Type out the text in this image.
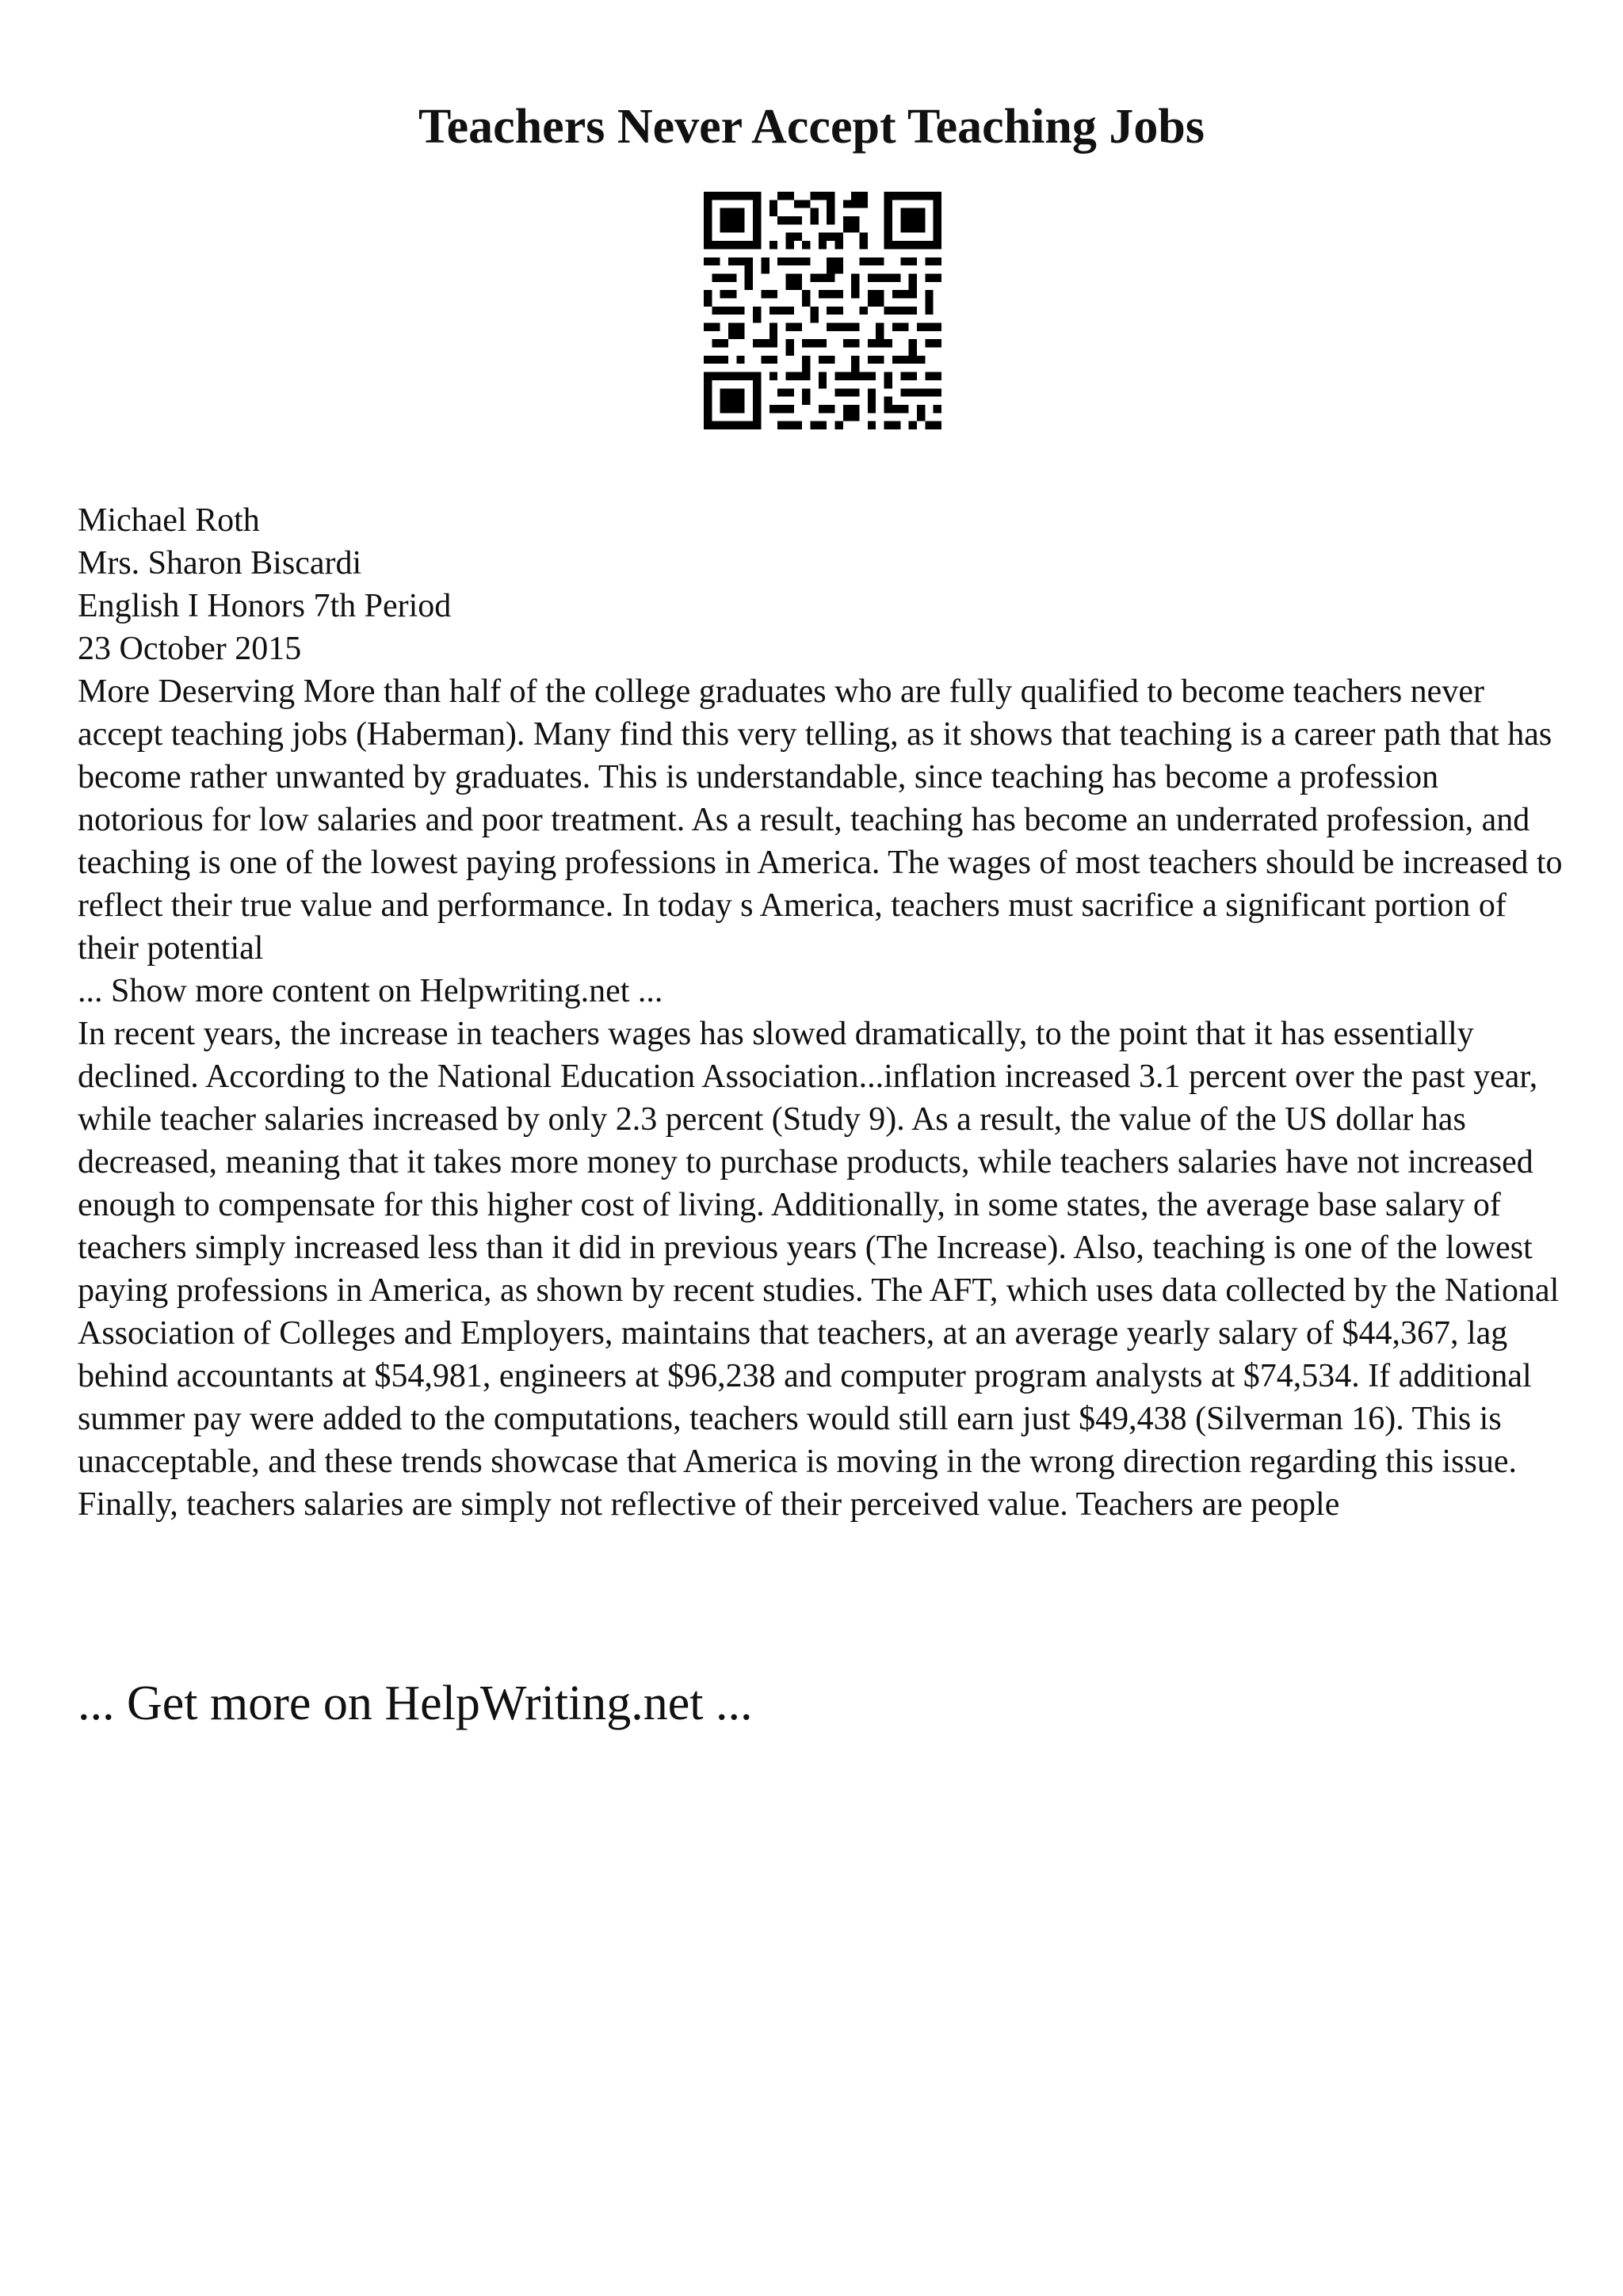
Teachers Never Accept Teaching Jobs

Michael Roth

Mrs. Sharon Biscardi

English I Honors 7th Period

23 October 2015

More Deserving More than half of the college graduates who are fully qualified to become teachers never accept teaching jobs (Haberman). Many find this very telling, as it shows that teaching is a career path that has become rather unwanted by graduates. This is understandable, since teaching has become a profession notorious for low salaries and poor treatment. As a result, teaching has become an underrated profession, and teaching is one of the lowest paying professions in America. The wages of most teachers should be increased to reflect their true value and performance. In today s America, teachers must sacrifice a significant portion of their potential

... Show more content on Helpwriting.net ...

In recent years, the increase in teachers wages has slowed dramatically, to the point that it has essentially declined. According to the National Education Association...inflation increased 3.1 percent over the past year, while teacher salaries increased by only 2.3 percent (Study 9). As a result, the value of the US dollar has decreased, meaning that it takes more money to purchase products, while teachers salaries have not increased enough to compensate for this higher cost of living. Additionally, in some states, the average base salary of teachers simply increased less than it did in previous years (The Increase). Also, teaching is one of the lowest paying professions in America, as shown by recent studies. The AFT, which uses data collected by the National Association of Colleges and Employers, maintains that teachers, at an average yearly salary of $44,367, lag behind accountants at $54,981, engineers at $96,238 and computer program analysts at $74,534. If additional summer pay were added to the computations, teachers would still earn just $49,438 (Silverman 16). This is unacceptable, and these trends showcase that America is moving in the wrong direction regarding this issue. Finally, teachers salaries are simply not reflective of their perceived value. Teachers are people

... Get more on HelpWriting.net ...
